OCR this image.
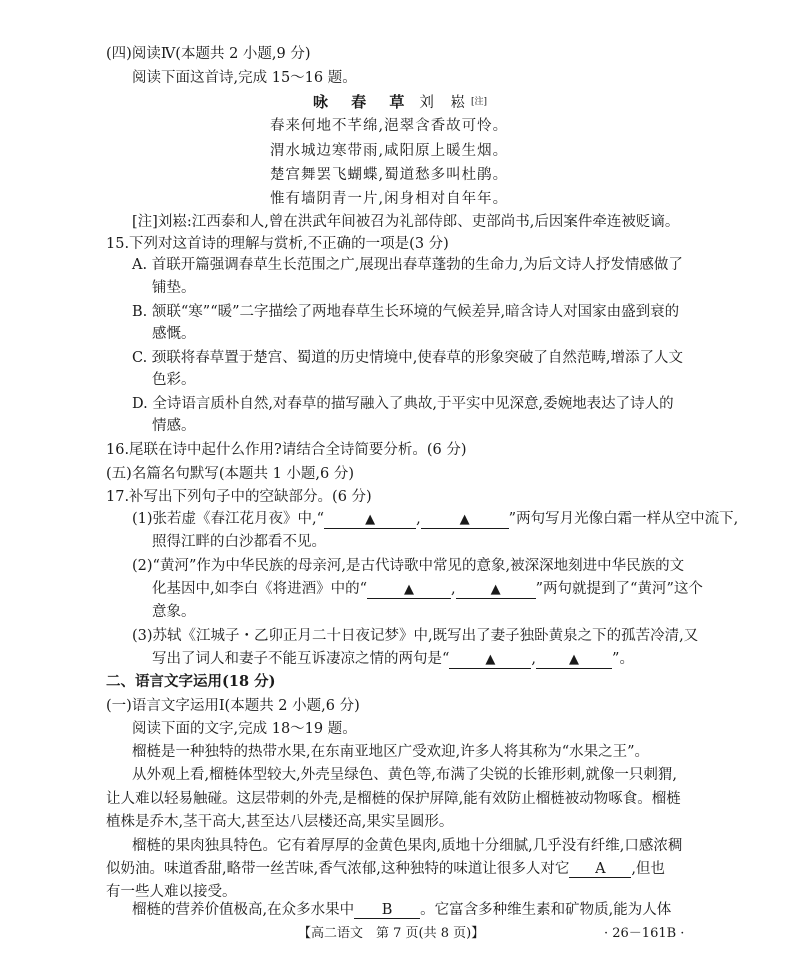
(四)阅读Ⅳ(本题共 2 小题,9 分)
阅读下面这首诗,完成 15～16 题。
咏 春 草 刘 崧[注]
春来何地不芊绵,浥翠含香故可怜。
渭水城边寒带雨,咸阳原上暖生烟。
楚宫舞罢飞蝴蝶,蜀道愁多叫杜鹃。
惟有墙阴青一片,闲身相对自年年。
[注]刘崧:江西泰和人,曾在洪武年间被召为礼部侍郎、吏部尚书,后因案件牵连被贬谪。
15.下列对这首诗的理解与赏析,不正确的一项是(3 分)
A. 首联开篇强调春草生长范围之广,展现出春草蓬勃的生命力,为后文诗人抒发情感做了
铺垫。
B. 颔联“寒”“暖”二字描绘了两地春草生长环境的气候差异,暗含诗人对国家由盛到衰的
感慨。
C. 颈联将春草置于楚宫、蜀道的历史情境中,使春草的形象突破了自然范畴,增添了人文
色彩。
D. 全诗语言质朴自然,对春草的描写融入了典故,于平实中见深意,委婉地表达了诗人的
情感。
16.尾联在诗中起什么作用?请结合全诗简要分析。(6 分)
(五)名篇名句默写(本题共 1 小题,6 分)
17.补写出下列句子中的空缺部分。(6 分)
(1)张若虚《春江花月夜》中,“	▲	,	▲	”两句写月光像白霜一样从空中流下,
照得江畔的白沙都看不见。
(2)“黄河”作为中华民族的母亲河,是古代诗歌中常见的意象,被深深地刻进中华民族的文
化基因中,如李白《将进酒》中的“	▲	,	▲ ”两句就提到了“黄河”这个
意象。
(3)苏轼《江城子・乙卯正月二十日夜记梦》中,既写出了妻子独卧黄泉之下的孤苦冷清,又
写出了词人和妻子不能互诉凄凉之情的两句是“	▲ ,	▲ ”。
二、语言文字运用(18 分)
(一)语言文字运用Ⅰ(本题共 2 小题,6 分)
阅读下面的文字,完成 18～19 题。
榴梿是一种独特的热带水果,在东南亚地区广受欢迎,许多人将其称为“水果之王”。
从外观上看,榴梿体型较大,外壳呈绿色、黄色等,布满了尖锐的长锥形刺,就像一只刺猬,
让人难以轻易触碰。这层带刺的外壳,是榴梿的保护屏障,能有效防止榴梿被动物啄食。榴梿
植株是乔木,茎干高大,甚至达八层楼还高,果实呈圆形。
榴梿的果肉独具特色。它有着厚厚的金黄色果肉,质地十分细腻,几乎没有纤维,口感浓稠
似奶油。味道香甜,略带一丝苦味,香气浓郁,这种独特的味道让很多人对它 A ,但也
有一些人难以接受。
榴梿的营养价值极高,在众多水果中 B 。它富含多种维生素和矿物质,能为人体
【高二语文　第 7 页(共 8 页)】	· 26－161B ·
